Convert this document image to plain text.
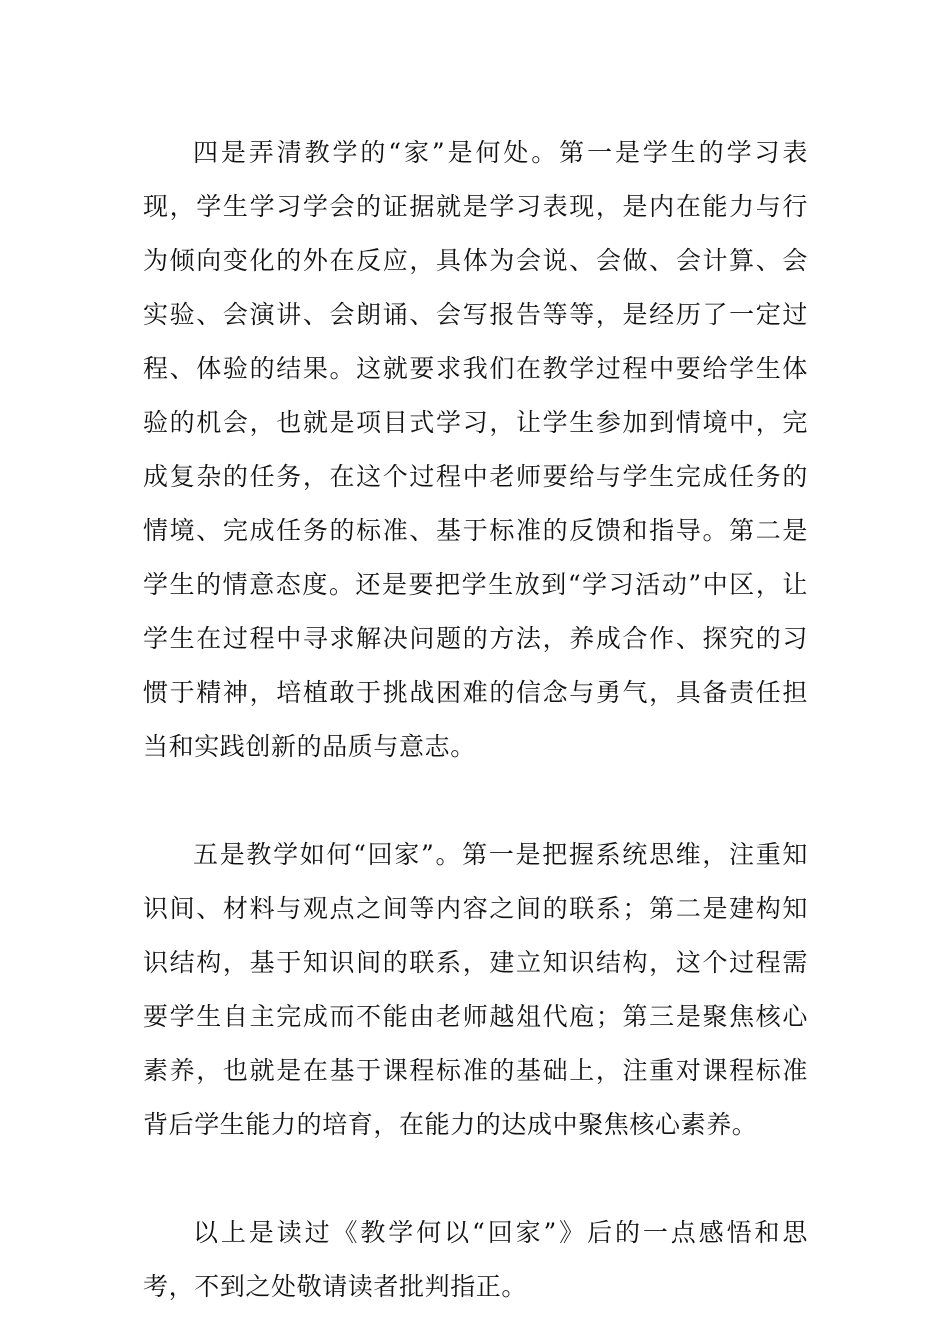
四是弄清教学的“家”是何处。第一是学生的学习表现，学生学习学会的证据就是学习表现，是内在能力与行为倾向变化的外在反应，具体为会说、会做、会计算、会实验、会演讲、会朗诵、会写报告等等，是经历了一定过程、体验的结果。这就要求我们在教学过程中要给学生体验的机会，也就是项目式学习，让学生参加到情境中，完成复杂的任务，在这个过程中老师要给与学生完成任务的情境、完成任务的标准、基于标准的反馈和指导。第二是学生的情意态度。还是要把学生放到“学习活动”中区，让学生在过程中寻求解决问题的方法，养成合作、探究的习惯于精神，培植敢于挑战困难的信念与勇气，具备责任担当和实践创新的品质与意志。

五是教学如何“回家”。第一是把握系统思维，注重知识间、材料与观点之间等内容之间的联系；第二是建构知识结构，基于知识间的联系，建立知识结构，这个过程需要学生自主完成而不能由老师越俎代庖；第三是聚焦核心素养，也就是在基于课程标准的基础上，注重对课程标准背后学生能力的培育，在能力的达成中聚焦核心素养。

以上是读过《教学何以“回家”》后的一点感悟和思考，不到之处敬请读者批判指正。
